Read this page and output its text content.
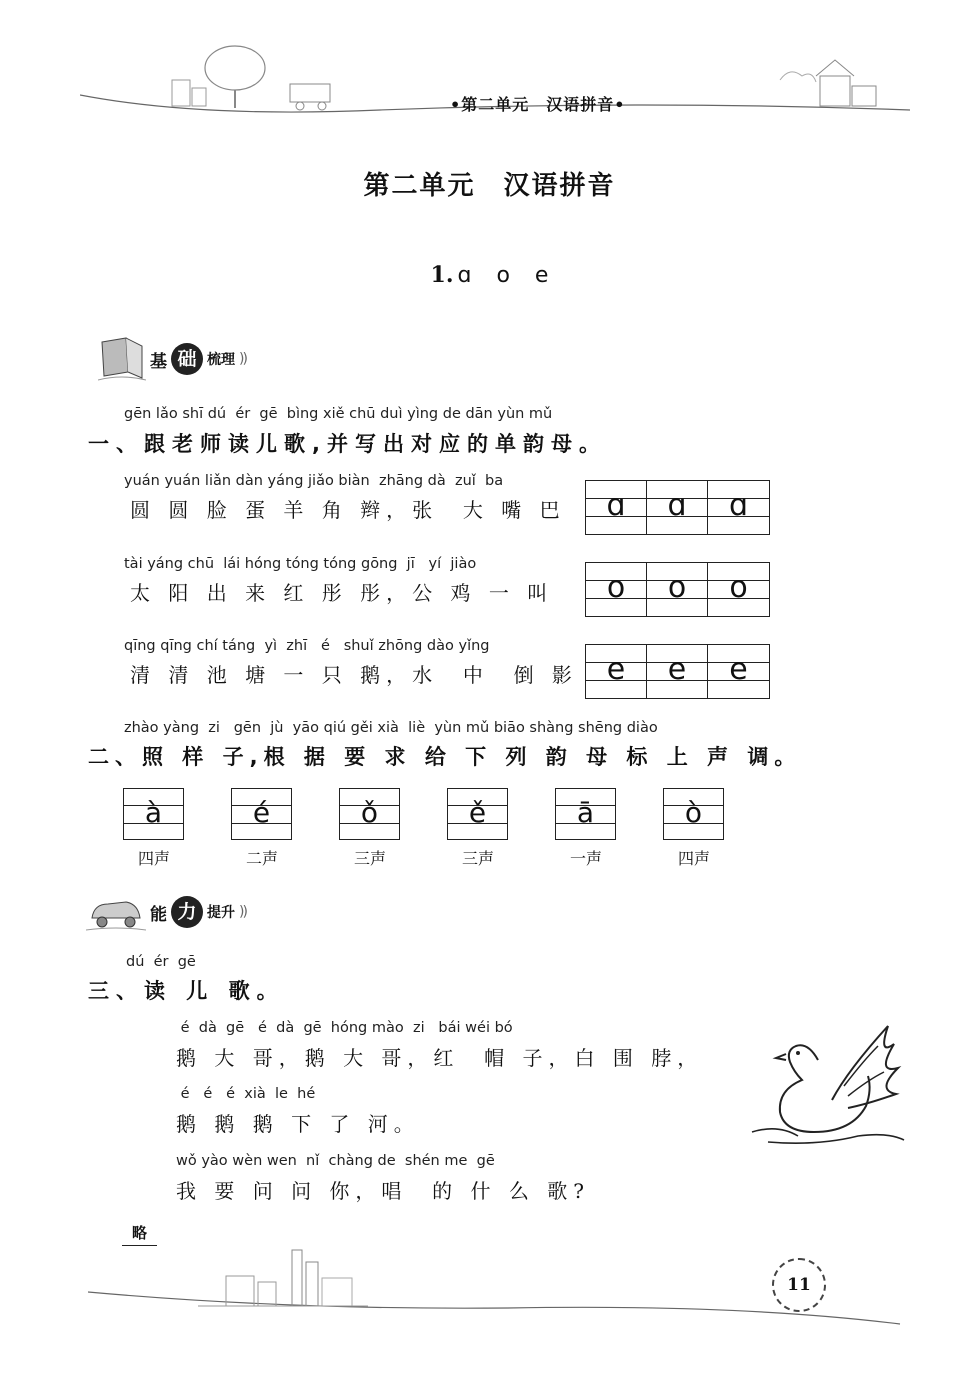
•第二单元　汉语拼音•
第二单元　汉语拼音
1. ɑ o e
基 础 梳理 ))
gēn lǎo shī dú  ér  gē  bìng xiě chū duì yìng de dān yùn mǔ
一、跟老师读儿歌,并写出对应的单韵母。
yuán yuán liǎn dàn yáng jiǎo biàn  zhāng dà  zuǐ  ba
圆 圆 脸 蛋 羊 角 辫，张  大 嘴 巴	ɑ	ɑ	ɑ
tài yáng chū  lái hóng tóng tóng gōng  jī   yí  jiào
太 阳 出 来 红 彤 彤，公 鸡 一 叫	o	o	o
qīng qīng chí táng  yì  zhī   é   shuǐ zhōng dào yǐng
清 清 池 塘 一 只 鹅，水  中  倒 影 e	e	e
zhào yàng  zi   gēn  jù  yāo qiú gěi xià  liè  yùn mǔ biāo shàng shēng diào
二、照 样 子,根 据 要 求 给 下 列 韵 母 标 上 声 调。
à
四声
é
二声
ǒ
三声
ě
三声
ā
一声
ò
四声
能 力 提升 ))
dú  ér  gē
三、读 儿 歌。
é  dà  gē   é  dà  gē  hóng mào  zi   bái wéi bó
鹅 大 哥，鹅 大 哥，红  帽 子，白 围 脖，
é   é   é  xià  le  hé
鹅 鹅 鹅 下 了 河。
wǒ yào wèn wen  nǐ  chàng de  shén me  gē
我 要 问 问 你，唱  的 什 么 歌?
略
11
